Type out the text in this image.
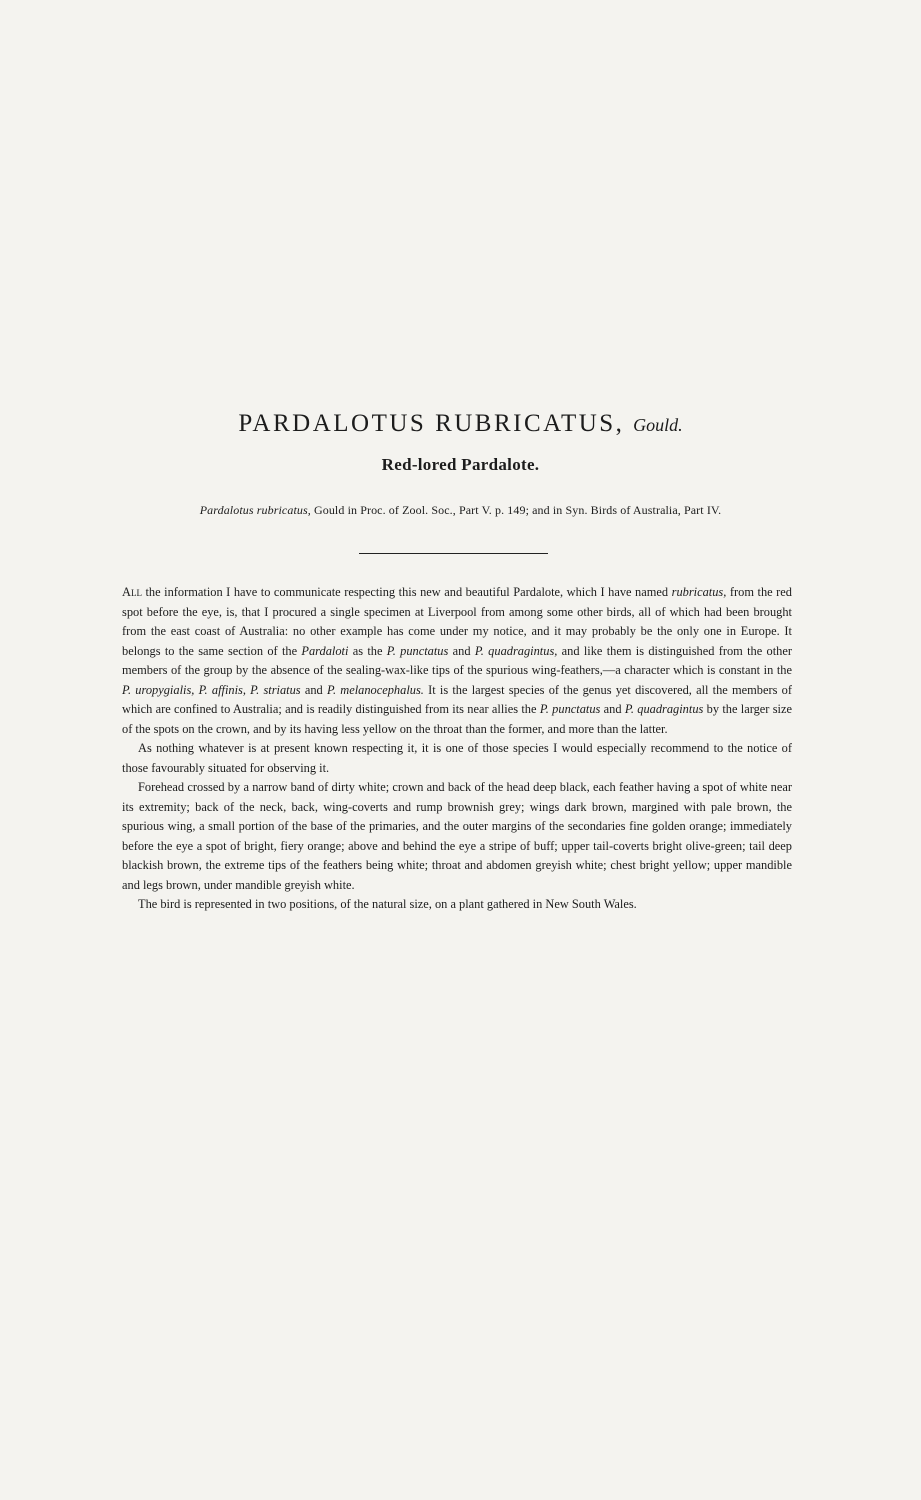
PARDALOTUS RUBRICATUS, Gould.
Red-lored Pardalote.
Pardalotus rubricatus, Gould in Proc. of Zool. Soc., Part V. p. 149; and in Syn. Birds of Australia, Part IV.

All the information I have to communicate respecting this new and beautiful Pardalote, which I have named rubricatus, from the red spot before the eye, is, that I procured a single specimen at Liverpool from among some other birds, all of which had been brought from the east coast of Australia: no other example has come under my notice, and it may probably be the only one in Europe. It belongs to the same section of the Pardaloti as the P. punctatus and P. quadragintus, and like them is distinguished from the other members of the group by the absence of the sealing-wax-like tips of the spurious wing-feathers,—a character which is constant in the P. uropygialis, P. affinis, P. striatus and P. melanocephalus. It is the largest species of the genus yet discovered, all the members of which are confined to Australia; and is readily distinguished from its near allies the P. punctatus and P. quadragintus by the larger size of the spots on the crown, and by its having less yellow on the throat than the former, and more than the latter.

As nothing whatever is at present known respecting it, it is one of those species I would especially recommend to the notice of those favourably situated for observing it.

Forehead crossed by a narrow band of dirty white; crown and back of the head deep black, each feather having a spot of white near its extremity; back of the neck, back, wing-coverts and rump brownish grey; wings dark brown, margined with pale brown, the spurious wing, a small portion of the base of the primaries, and the outer margins of the secondaries fine golden orange; immediately before the eye a spot of bright, fiery orange; above and behind the eye a stripe of buff; upper tail-coverts bright olive-green; tail deep blackish brown, the extreme tips of the feathers being white; throat and abdomen greyish white; chest bright yellow; upper mandible and legs brown, under mandible greyish white.

The bird is represented in two positions, of the natural size, on a plant gathered in New South Wales.
